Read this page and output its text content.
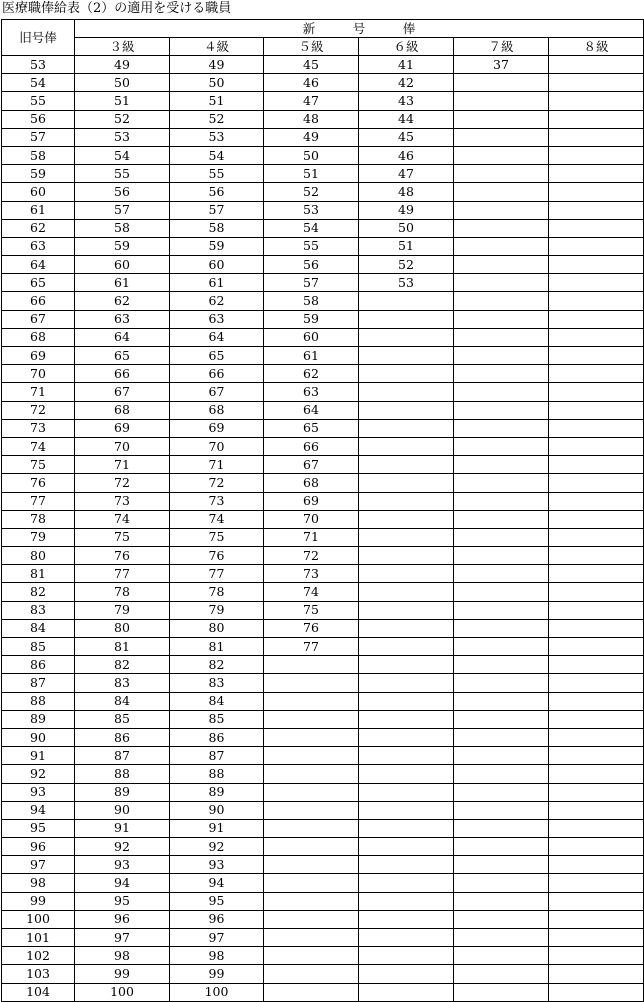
医療職俸給表（2）の適用を受ける職員
旧号俸	新　　　号　　　俸					
	３級	４級	５級	６級	７級	８級
53	49	49	45	41	37	
54	50	50	46	42		
55	51	51	47	43		
56	52	52	48	44		
57	53	53	49	45		
58	54	54	50	46		
59	55	55	51	47		
60	56	56	52	48		
61	57	57	53	49		
62	58	58	54	50		
63	59	59	55	51		
64	60	60	56	52		
65	61	61	57	53		
66	62	62	58			
67	63	63	59			
68	64	64	60			
69	65	65	61			
70	66	66	62			
71	67	67	63			
72	68	68	64			
73	69	69	65			
74	70	70	66			
75	71	71	67			
76	72	72	68			
77	73	73	69			
78	74	74	70			
79	75	75	71			
80	76	76	72			
81	77	77	73			
82	78	78	74			
83	79	79	75			
84	80	80	76			
85	81	81	77			
86	82	82				
87	83	83				
88	84	84				
89	85	85				
90	86	86				
91	87	87				
92	88	88				
93	89	89				
94	90	90				
95	91	91				
96	92	92				
97	93	93				
98	94	94				
99	95	95				
100	96	96				
101	97	97				
102	98	98				
103	99	99				
104	100	100				
